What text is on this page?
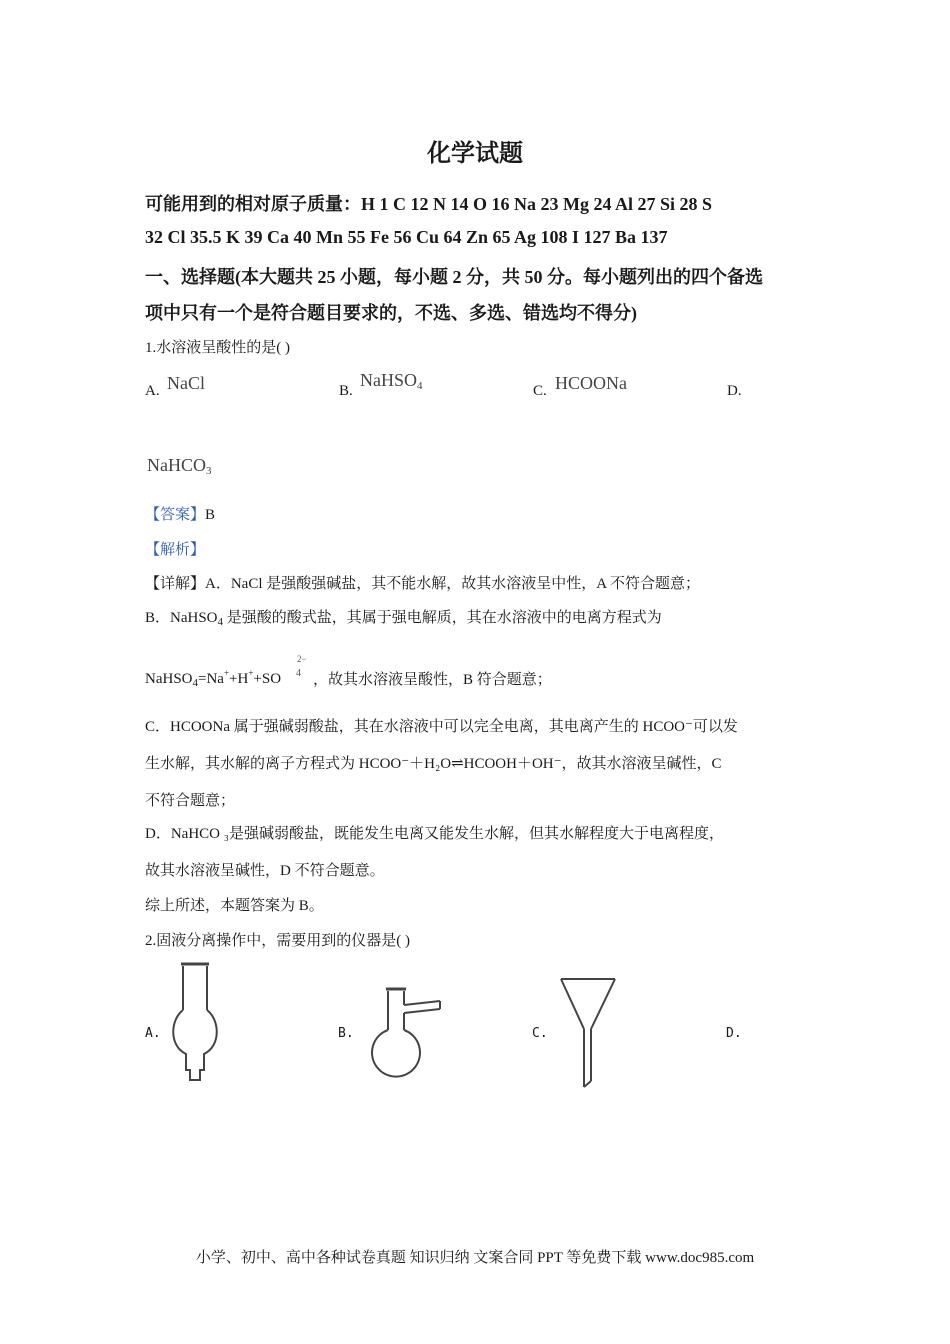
化学试题
可能用到的相对原子质量：H 1 C 12 N 14 O 16 Na 23 Mg 24 Al 27 Si 28 S
32 Cl 35.5 K 39 Ca 40 Mn 55 Fe 56 Cu 64 Zn 65 Ag 108 I 127 Ba 137
一、选择题(本大题共 25 小题，每小题 2 分，共 50 分。每小题列出的四个备选
项中只有一个是符合题目要求的，不选、多选、错选均不得分)
1.水溶液呈酸性的是( )
A. NaCl	B.
NaHSO$_4$	C. HCOONa	D.
NaHCO$_3$
【答案】B
【解析】
【详解】A．NaCl 是强酸强碱盐，其不能水解，故其水溶液呈中性，A 不符合题意；
B．NaHSO$_4$ 是强酸的酸式盐，其属于强电解质，其在水溶液中的电离方程式为
NaHSO$_4$=Na++H++SO
2−
4 ，故其水溶液呈酸性，B 符合题意；
C．HCOONa 属于强碱弱酸盐，其在水溶液中可以完全电离，其电离产生的 HCOO⁻可以发
生水解，其水解的离子方程式为 HCOO⁻＋H₂O⇌HCOOH＋OH⁻，故其水溶液呈碱性，C
不符合题意；
D．NaHCO ₃是强碱弱酸盐，既能发生电离又能发生水解，但其水解程度大于电离程度，
故其水溶液呈碱性，D 不符合题意。
综上所述，本题答案为 B。
2.固液分离操作中，需要用到的仪器是( )
A.	B.	C.	D.
小学、初中、高中各种试卷真题 知识归纳 文案合同 PPT 等免费下载 www.doc985.com
